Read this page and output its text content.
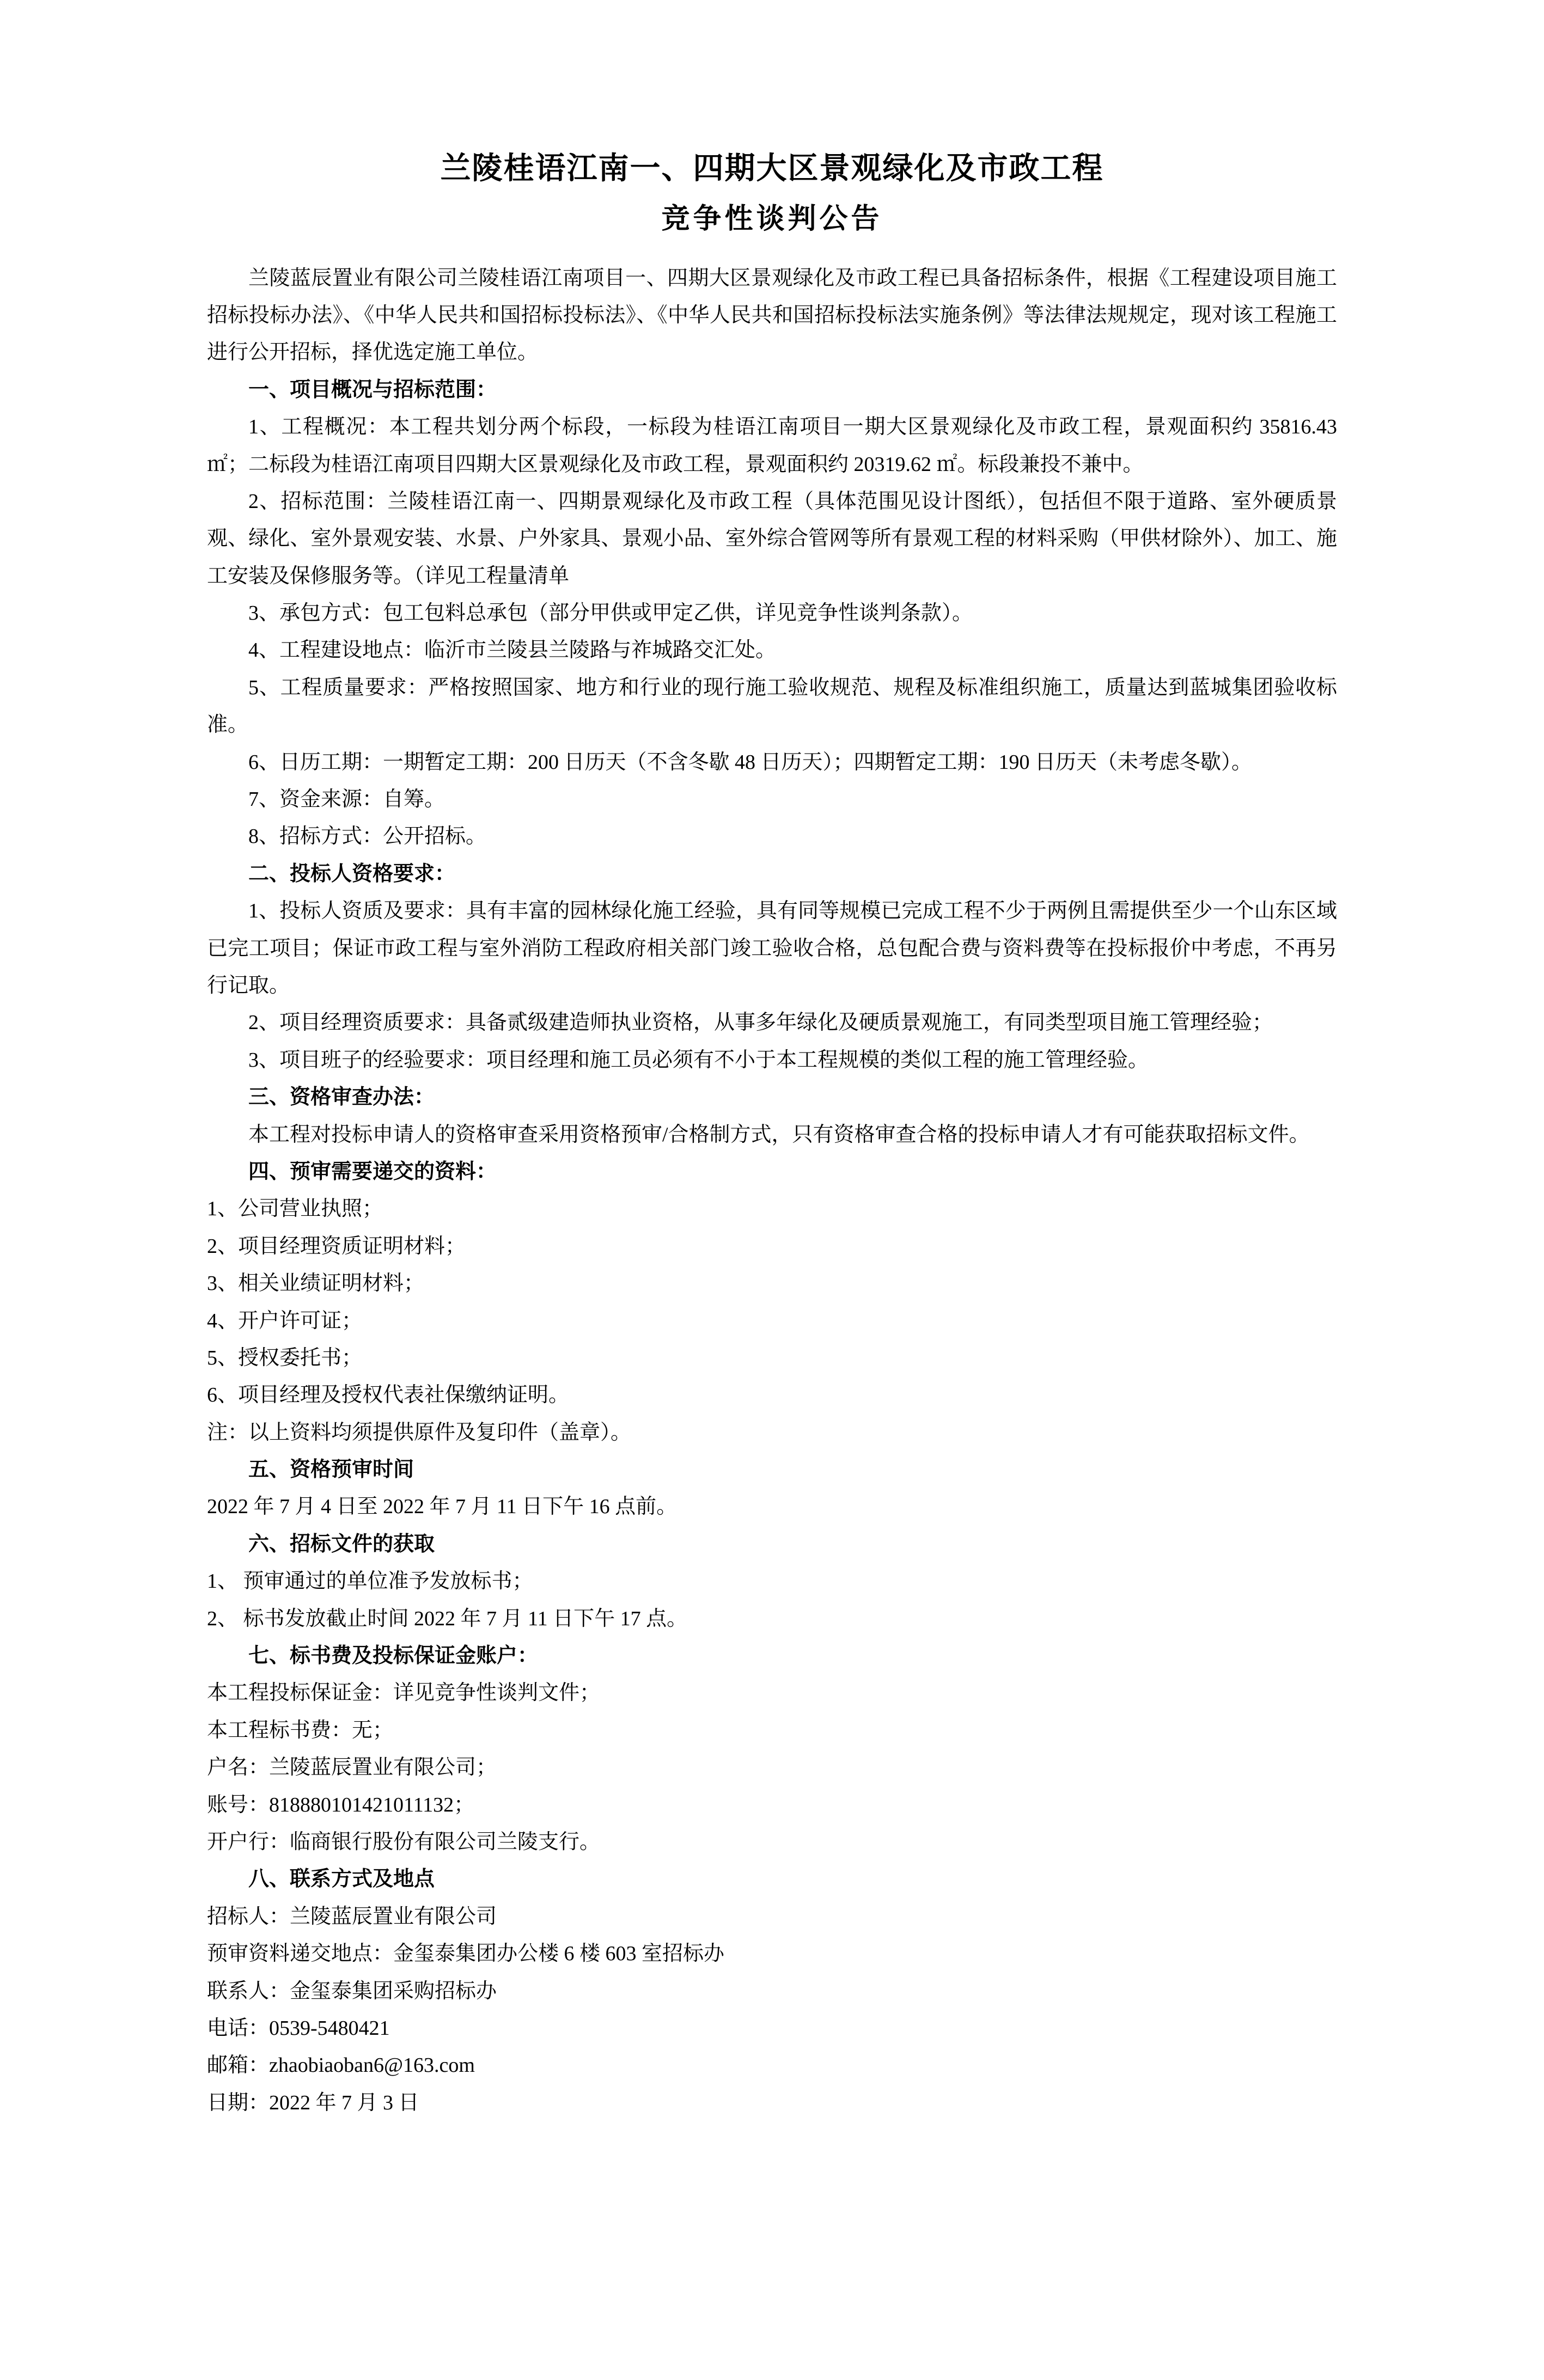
兰陵桂语江南一、四期大区景观绿化及市政工程
竞争性谈判公告

兰陵蓝辰置业有限公司兰陵桂语江南项目一、四期大区景观绿化及市政工程已具备招标条件，根据《工程建设项目施工招标投标办法》、《中华人民共和国招标投标法》、《中华人民共和国招标投标法实施条例》等法律法规规定，现对该工程施工进行公开招标，择优选定施工单位。

一、项目概况与招标范围：

1、工程概况：本工程共划分两个标段，一标段为桂语江南项目一期大区景观绿化及市政工程，景观面积约 35816.43 ㎡；二标段为桂语江南项目四期大区景观绿化及市政工程，景观面积约 20319.62 ㎡。标段兼投不兼中。

2、招标范围：兰陵桂语江南一、四期景观绿化及市政工程（具体范围见设计图纸），包括但不限于道路、室外硬质景观、绿化、室外景观安装、水景、户外家具、景观小品、室外综合管网等所有景观工程的材料采购（甲供材除外）、加工、施工安装及保修服务等。（详见工程量清单

3、承包方式：包工包料总承包（部分甲供或甲定乙供，详见竞争性谈判条款）。

4、工程建设地点：临沂市兰陵县兰陵路与祚城路交汇处。

5、工程质量要求：严格按照国家、地方和行业的现行施工验收规范、规程及标准组织施工，质量达到蓝城集团验收标准。

6、日历工期：一期暂定工期：200 日历天（不含冬歇 48 日历天）；四期暂定工期：190 日历天（未考虑冬歇）。

7、资金来源：自筹。

8、招标方式：公开招标。

二、投标人资格要求：

1、投标人资质及要求：具有丰富的园林绿化施工经验，具有同等规模已完成工程不少于两例且需提供至少一个山东区域已完工项目；保证市政工程与室外消防工程政府相关部门竣工验收合格，总包配合费与资料费等在投标报价中考虑，不再另行记取。

2、项目经理资质要求：具备贰级建造师执业资格，从事多年绿化及硬质景观施工，有同类型项目施工管理经验；

3、项目班子的经验要求：项目经理和施工员必须有不小于本工程规模的类似工程的施工管理经验。

三、资格审查办法：

本工程对投标申请人的资格审查采用资格预审/合格制方式，只有资格审查合格的投标申请人才有可能获取招标文件。

四、预审需要递交的资料：

1、公司营业执照；

2、项目经理资质证明材料；

3、相关业绩证明材料；

4、开户许可证；

5、授权委托书；

6、项目经理及授权代表社保缴纳证明。

注：以上资料均须提供原件及复印件（盖章）。

五、资格预审时间

2022 年 7 月 4 日至 2022 年 7 月 11 日下午 16 点前。

六、招标文件的获取

1、 预审通过的单位准予发放标书；

2、 标书发放截止时间 2022 年 7 月 11 日下午 17 点。

七、标书费及投标保证金账户：

本工程投标保证金：详见竞争性谈判文件；

本工程标书费：无；

户名：兰陵蓝辰置业有限公司；

账号：818880101421011132；

开户行：临商银行股份有限公司兰陵支行。

八、联系方式及地点

招标人：兰陵蓝辰置业有限公司

预审资料递交地点：金玺泰集团办公楼 6 楼 603 室招标办

联系人：金玺泰集团采购招标办

电话：0539-5480421

邮箱：zhaobiaoban6@163.com

日期：2022 年 7 月 3 日
